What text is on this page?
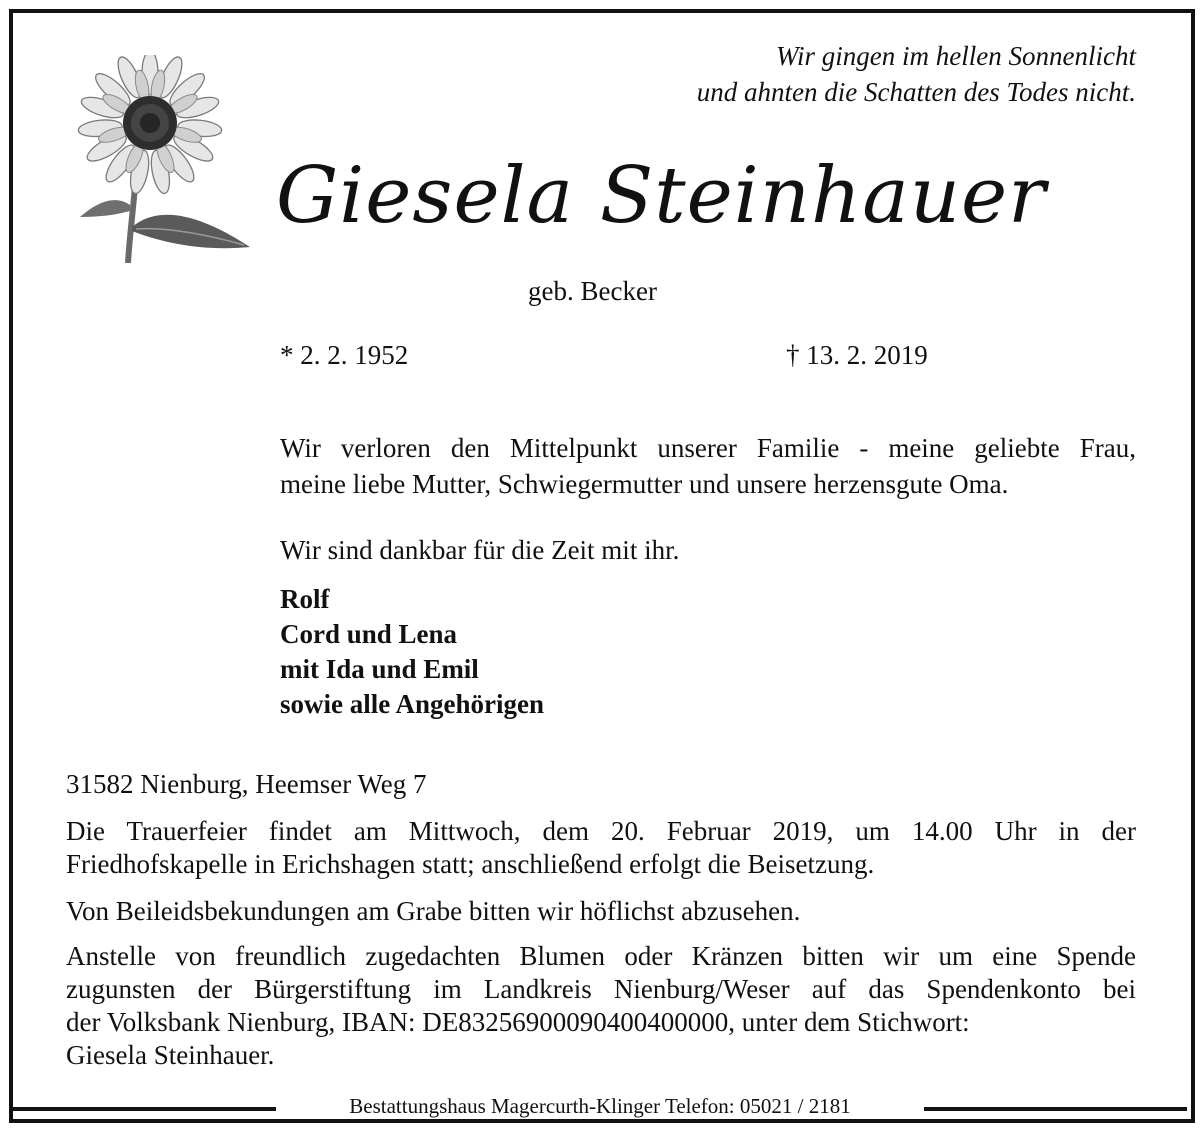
Wir gingen im hellen Sonnenlicht
und ahnten die Schatten des Todes nicht.
Giesela Steinhauer
geb. Becker
* 2. 2. 1952	† 13. 2. 2019
Wir verloren den Mittelpunkt unserer Familie - meine geliebte Frau,
meine liebe Mutter, Schwiegermutter und unsere herzensgute Oma.
Wir sind dankbar für die Zeit mit ihr.
Rolf
Cord und Lena
mit Ida und Emil
sowie alle Angehörigen
31582 Nienburg, Heemser Weg 7
Die Trauerfeier findet am Mittwoch, dem 20. Februar 2019, um 14.00 Uhr in der
Friedhofskapelle in Erichshagen statt; anschließend erfolgt die Beisetzung.
Von Beileidsbekundungen am Grabe bitten wir höflichst abzusehen.
Anstelle von freundlich zugedachten Blumen oder Kränzen bitten wir um eine Spende
zugunsten der Bürgerstiftung im Landkreis Nienburg/Weser auf das Spendenkonto bei
der Volksbank Nienburg, IBAN: DE83256900090400400000, unter dem Stichwort:
Giesela Steinhauer.
Bestattungshaus Magercurth-Klinger Telefon: 05021 / 2181
